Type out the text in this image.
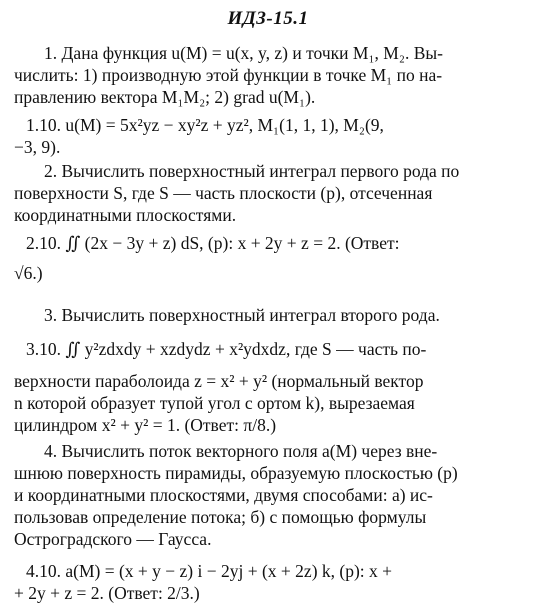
ИДЗ-15.1
1. Дана функция u(M) = u(x, y, z) и точки M₁, M₂. Вы-
числить: 1) производную этой функции в точке M₁ по на-
правлению вектора M₁M₂; 2) grad u(M₁).
1.10. u(M) = 5x²yz − xy²z + yz², M₁(1, 1, 1), M₂(9,
−3, 9).
2. Вычислить поверхностный интеграл первого рода по
поверхности S, где S — часть плоскости (p), отсеченная
координатными плоскостями.
2.10. ∬ (2x − 3y + z) dS, (p): x + 2y + z = 2. (Ответ:
√6.)
3. Вычислить поверхностный интеграл второго рода.
3.10. ∬ y²zdxdy + xzdydz + x²ydxdz, где S — часть по-
верхности параболоида z = x² + y² (нормальный вектор
n которой образует тупой угол с ортом k), вырезаемая
цилиндром x² + y² = 1. (Ответ: π/8.)
4. Вычислить поток векторного поля a(M) через вне-
шнюю поверхность пирамиды, образуемую плоскостью (p)
и координатными плоскостями, двумя способами: а) ис-
пользовав определение потока; б) с помощью формулы
Остроградского — Гаусса.
4.10. a(M) = (x + y − z) i − 2yj + (x + 2z) k, (p): x +
+ 2y + z = 2. (Ответ: 2/3.)
